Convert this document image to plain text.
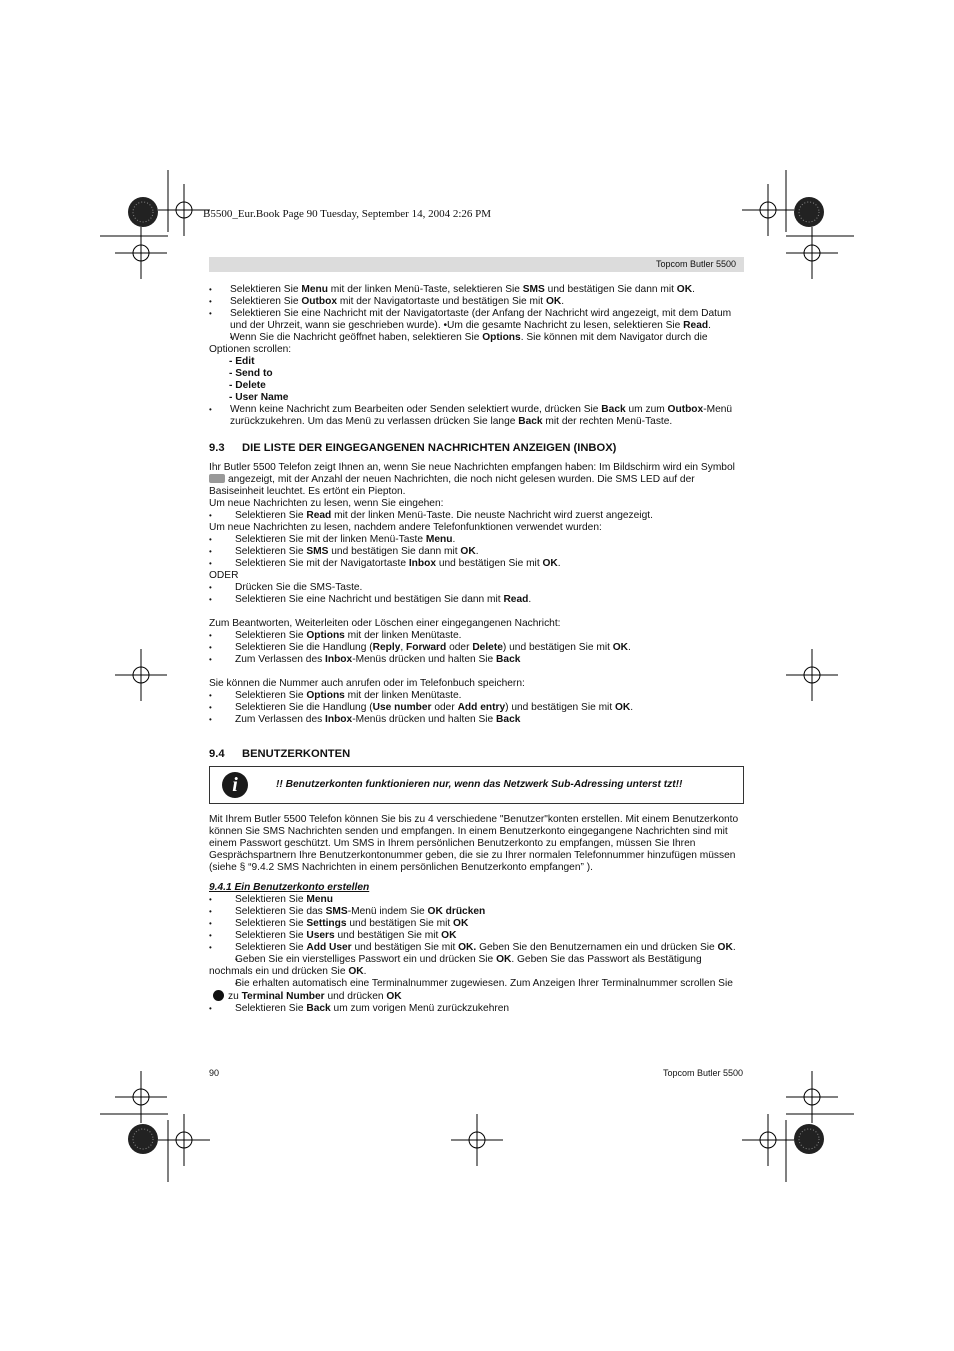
B5500_Eur.Book Page 90 Tuesday, September 14, 2004 2:26 PM
Topcom Butler 5500
• Selektieren Sie Menu mit der linken Menü-Taste, selektieren Sie SMS und bestätigen Sie dann mit OK.
• Selektieren Sie Outbox mit der Navigatortaste und bestätigen Sie mit OK.
• Selektieren Sie eine Nachricht mit der Navigatortaste (der Anfang der Nachricht wird angezeigt, mit dem Datum und der Uhrzeit, wann sie geschrieben wurde). •Um die gesamte Nachricht zu lesen, selektieren Sie Read.
• Wenn Sie die Nachricht geöffnet haben, selektieren Sie Options. Sie können mit dem Navigator durch die Optionen scrollen:
- Edit
- Send to
- Delete
- User Name
• Wenn keine Nachricht zum Bearbeiten oder Senden selektiert wurde, drücken Sie Back um zum Outbox-Menü zurückzukehren. Um das Menü zu verlassen drücken Sie lange Back mit der rechten Menü-Taste.
9.3 DIE LISTE DER EINGEGANGENEN NACHRICHTEN ANZEIGEN (INBOX)
Ihr Butler 5500 Telefon zeigt Ihnen an, wenn Sie neue Nachrichten empfangen haben: Im Bildschirm wird ein Symbol
angezeigt, mit der Anzahl der neuen Nachrichten, die noch nicht gelesen wurden. Die SMS LED auf der Basiseinheit leuchtet. Es ertönt ein Piepton.
Um neue Nachrichten zu lesen, wenn Sie eingehen:
• Selektieren Sie Read mit der linken Menü-Taste. Die neuste Nachricht wird zuerst angezeigt.
Um neue Nachrichten zu lesen, nachdem andere Telefonfunktionen verwendet wurden:
• Selektieren Sie mit der linken Menü-Taste Menu.
• Selektieren Sie SMS und bestätigen Sie dann mit OK.
• Selektieren Sie mit der Navigatortaste Inbox und bestätigen Sie mit OK.
ODER
• Drücken Sie die SMS-Taste.
• Selektieren Sie eine Nachricht und bestätigen Sie dann mit Read.
Zum Beantworten, Weiterleiten oder Löschen einer eingegangenen Nachricht:
• Selektieren Sie Options mit der linken Menütaste.
• Selektieren Sie die Handlung (Reply, Forward oder Delete) und bestätigen Sie mit OK.
• Zum Verlassen des Inbox-Menüs drücken und halten Sie Back
Sie können die Nummer auch anrufen oder im Telefonbuch speichern:
• Selektieren Sie Options mit der linken Menütaste.
• Selektieren Sie die Handlung (Use number oder Add entry) und bestätigen Sie mit OK.
• Zum Verlassen des Inbox-Menüs drücken und halten Sie Back
9.4 BENUTZERKONTEN
i	!! Benutzerkonten funktionieren nur, wenn das Netzwerk Sub-Adressing unterst tzt!!
Mit Ihrem Butler 5500 Telefon können Sie bis zu 4 verschiedene "Benutzer"konten erstellen. Mit einem Benutzerkonto können Sie SMS Nachrichten senden und empfangen. In einem Benutzerkonto eingegangene Nachrichten sind mit einem Passwort geschützt. Um SMS in Ihrem persönlichen Benutzerkonto zu empfangen, müssen Sie Ihren Gesprächspartnern Ihre Benutzerkontonummer geben, die sie zu Ihrer normalen Telefonnummer hinzufügen müssen (siehe § “9.4.2 SMS Nachrichten in einem persönlichen Benutzerkonto empfangen” ).
9.4.1 Ein Benutzerkonto erstellen
• Selektieren Sie Menu
• Selektieren Sie das SMS-Menü indem Sie OK drücken
• Selektieren Sie Settings und bestätigen Sie mit OK
• Selektieren Sie Users und bestätigen Sie mit OK
• Selektieren Sie Add User und bestätigen Sie mit OK. Geben Sie den Benutzernamen ein und drücken Sie OK.
• Geben Sie ein vierstelliges Passwort ein und drücken Sie OK. Geben Sie das Passwort als Bestätigung nochmals ein und drücken Sie OK.
• Sie erhalten automatisch eine Terminalnummer zugewiesen. Zum Anzeigen Ihrer Terminalnummer scrollen Sie
zu Terminal Number und drücken OK
• Selektieren Sie Back um zum vorigen Menü zurückzukehren
90	Topcom Butler 5500
